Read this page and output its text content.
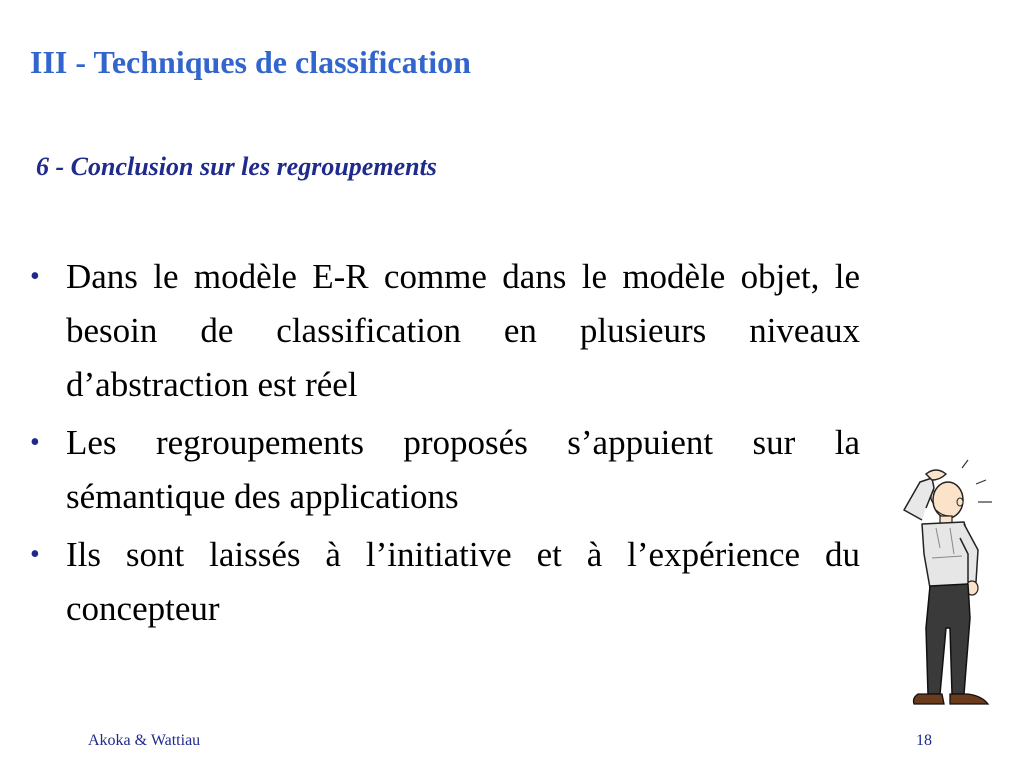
III - Techniques de classification
6 - Conclusion sur les regroupements
• Dans le modèle E-R comme dans le modèle objet, le besoin de classification en plusieurs niveaux d’abstraction est réel
• Les regroupements proposés s’appuient sur la sémantique des applications
• Ils sont laissés à l’initiative et à l’expérience du concepteur
Akoka & Wattiau	18
